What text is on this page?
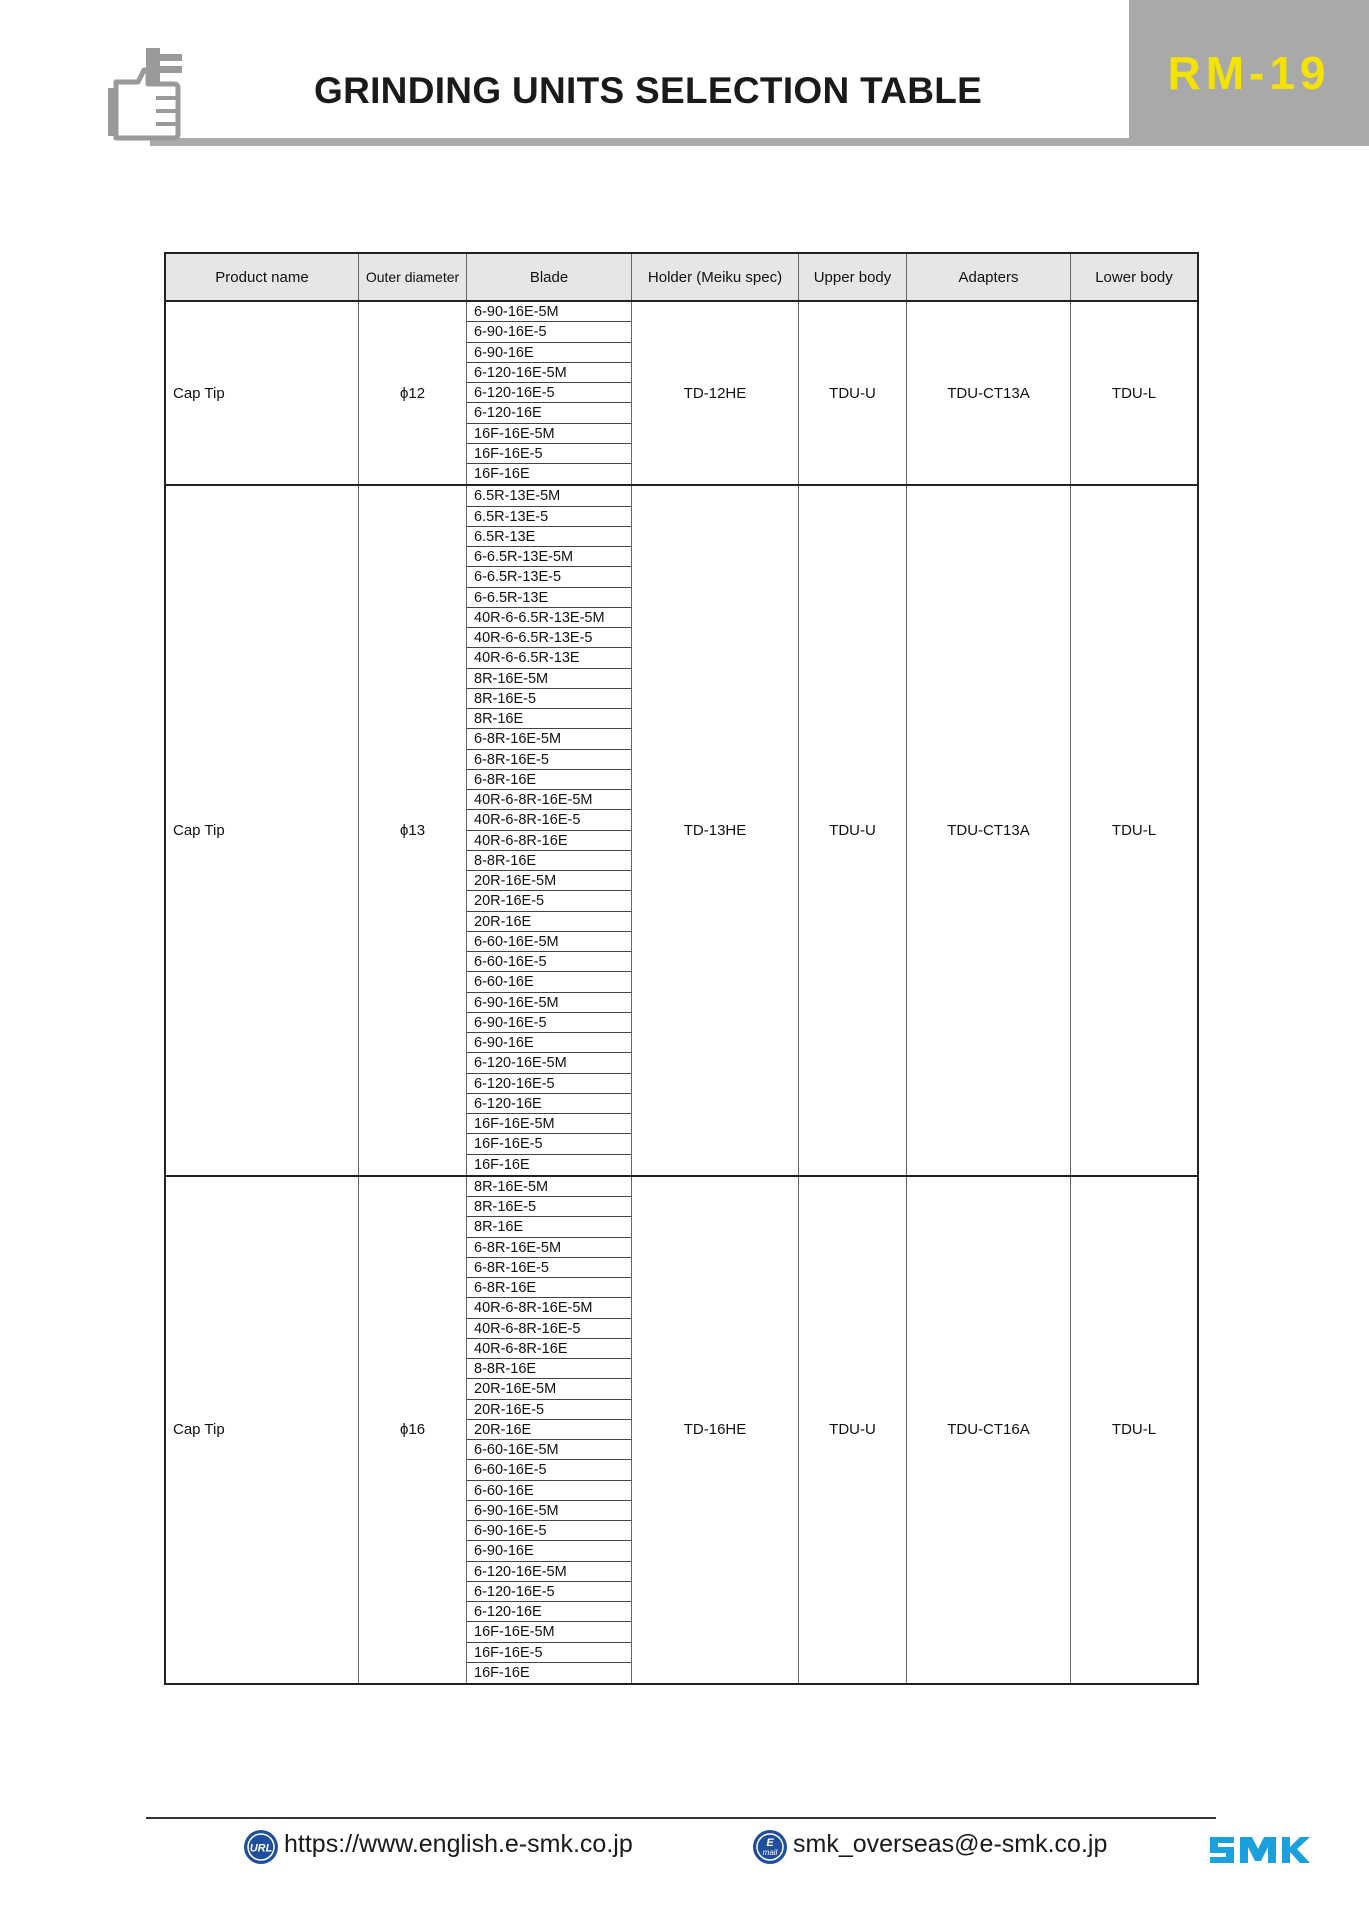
GRINDING UNITS SELECTION TABLE	RM-19
Product name	Outer diameter	Blade	Holder (Meiku spec)	Upper body	Adapters	Lower body
Cap Tip	ϕ12
6-90-16E-5M
6-90-16E-5
6-90-16E
6-120-16E-5M
6-120-16E-5
6-120-16E
16F-16E-5M
16F-16E-5
16F-16E
TD-12HE	TDU-U	TDU-CT13A	TDU-L
Cap Tip	ϕ13
6.5R-13E-5M
6.5R-13E-5
6.5R-13E
6-6.5R-13E-5M
6-6.5R-13E-5
6-6.5R-13E
40R-6-6.5R-13E-5M
40R-6-6.5R-13E-5
40R-6-6.5R-13E
8R-16E-5M
8R-16E-5
8R-16E
6-8R-16E-5M
6-8R-16E-5
6-8R-16E
40R-6-8R-16E-5M
40R-6-8R-16E-5
40R-6-8R-16E
8-8R-16E
20R-16E-5M
20R-16E-5
20R-16E
6-60-16E-5M
6-60-16E-5
6-60-16E
6-90-16E-5M
6-90-16E-5
6-90-16E
6-120-16E-5M
6-120-16E-5
6-120-16E
16F-16E-5M
16F-16E-5
16F-16E
TD-13HE	TDU-U	TDU-CT13A	TDU-L
Cap Tip	ϕ16
8R-16E-5M
8R-16E-5
8R-16E
6-8R-16E-5M
6-8R-16E-5
6-8R-16E
40R-6-8R-16E-5M
40R-6-8R-16E-5
40R-6-8R-16E
8-8R-16E
20R-16E-5M
20R-16E-5
20R-16E
6-60-16E-5M
6-60-16E-5
6-60-16E
6-90-16E-5M
6-90-16E-5
6-90-16E
6-120-16E-5M
6-120-16E-5
6-120-16E
16F-16E-5M
16F-16E-5
16F-16E
TD-16HE	TDU-U	TDU-CT16A	TDU-L
URL https://www.english.e-smk.co.jp	E
mail smk_overseas@e-smk.co.jp
